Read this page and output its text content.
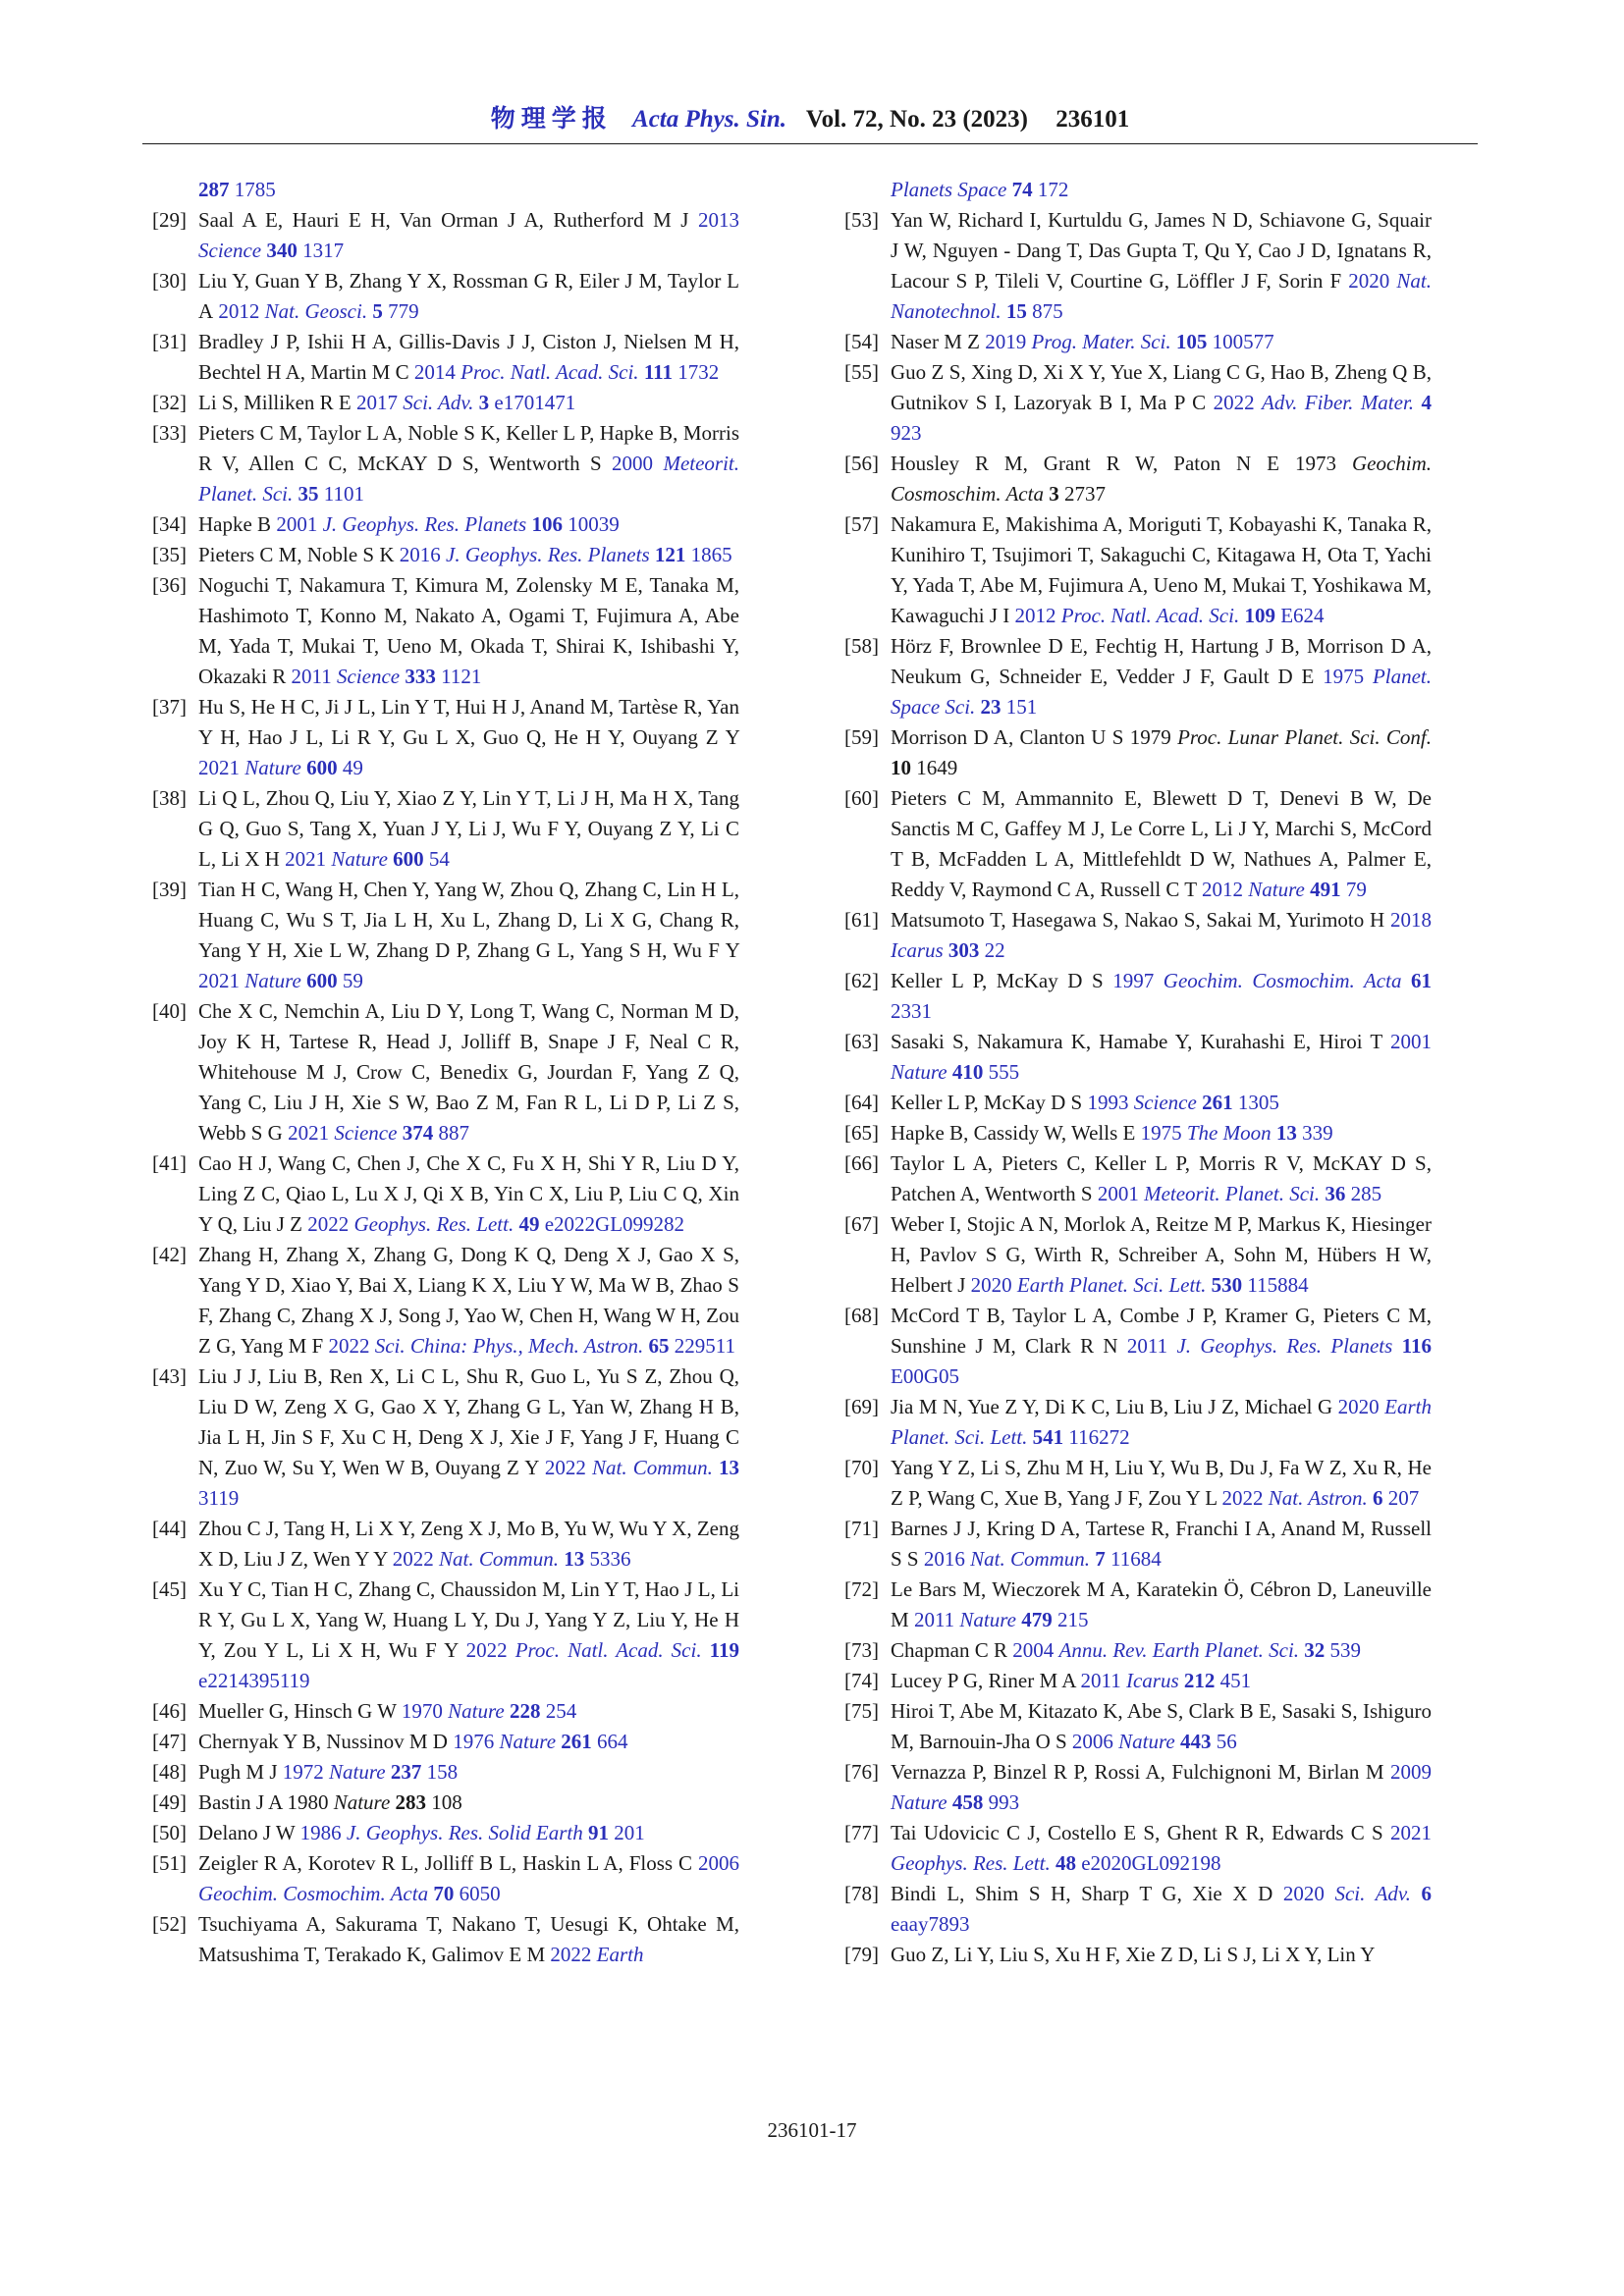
物理学报 Acta Phys. Sin. Vol. 72, No. 23 (2023) 236101
287 1785
[29] Saal A E, Hauri E H, Van Orman J A, Rutherford M J 2013 Science 340 1317
[30] Liu Y, Guan Y B, Zhang Y X, Rossman G R, Eiler J M, Taylor L A 2012 Nat. Geosci. 5 779
[31] Bradley J P, Ishii H A, Gillis-Davis J J, Ciston J, Nielsen M H, Bechtel H A, Martin M C 2014 Proc. Natl. Acad. Sci. 111 1732
[32] Li S, Milliken R E 2017 Sci. Adv. 3 e1701471
[33] Pieters C M, Taylor L A, Noble S K, Keller L P, Hapke B, Morris R V, Allen C C, McKAY D S, Wentworth S 2000 Meteorit. Planet. Sci. 35 1101
[34] Hapke B 2001 J. Geophys. Res. Planets 106 10039
[35] Pieters C M, Noble S K 2016 J. Geophys. Res. Planets 121 1865
[36] Noguchi T, Nakamura T, Kimura M, Zolensky M E, Tanaka M, Hashimoto T, Konno M, Nakato A, Ogami T, Fujimura A, Abe M, Yada T, Mukai T, Ueno M, Okada T, Shirai K, Ishibashi Y, Okazaki R 2011 Science 333 1121
[37] Hu S, He H C, Ji J L, Lin Y T, Hui H J, Anand M, Tartèse R, Yan Y H, Hao J L, Li R Y, Gu L X, Guo Q, He H Y, Ouyang Z Y 2021 Nature 600 49
[38] Li Q L, Zhou Q, Liu Y, Xiao Z Y, Lin Y T, Li J H, Ma H X, Tang G Q, Guo S, Tang X, Yuan J Y, Li J, Wu F Y, Ouyang Z Y, Li C L, Li X H 2021 Nature 600 54
[39] Tian H C, Wang H, Chen Y, Yang W, Zhou Q, Zhang C, Lin H L, Huang C, Wu S T, Jia L H, Xu L, Zhang D, Li X G, Chang R, Yang Y H, Xie L W, Zhang D P, Zhang G L, Yang S H, Wu F Y 2021 Nature 600 59
[40] Che X C, Nemchin A, Liu D Y, Long T, Wang C, Norman M D, Joy K H, Tartese R, Head J, Jolliff B, Snape J F, Neal C R, Whitehouse M J, Crow C, Benedix G, Jourdan F, Yang Z Q, Yang C, Liu J H, Xie S W, Bao Z M, Fan R L, Li D P, Li Z S, Webb S G 2021 Science 374 887
[41] Cao H J, Wang C, Chen J, Che X C, Fu X H, Shi Y R, Liu D Y, Ling Z C, Qiao L, Lu X J, Qi X B, Yin C X, Liu P, Liu C Q, Xin Y Q, Liu J Z 2022 Geophys. Res. Lett. 49 e2022GL099282
[42] Zhang H, Zhang X, Zhang G, Dong K Q, Deng X J, Gao X S, Yang Y D, Xiao Y, Bai X, Liang K X, Liu Y W, Ma W B, Zhao S F, Zhang C, Zhang X J, Song J, Yao W, Chen H, Wang W H, Zou Z G, Yang M F 2022 Sci. China: Phys., Mech. Astron. 65 229511
[43] Liu J J, Liu B, Ren X, Li C L, Shu R, Guo L, Yu S Z, Zhou Q, Liu D W, Zeng X G, Gao X Y, Zhang G L, Yan W, Zhang H B, Jia L H, Jin S F, Xu C H, Deng X J, Xie J F, Yang J F, Huang C N, Zuo W, Su Y, Wen W B, Ouyang Z Y 2022 Nat. Commun. 13 3119
[44] Zhou C J, Tang H, Li X Y, Zeng X J, Mo B, Yu W, Wu Y X, Zeng X D, Liu J Z, Wen Y Y 2022 Nat. Commun. 13 5336
[45] Xu Y C, Tian H C, Zhang C, Chaussidon M, Lin Y T, Hao J L, Li R Y, Gu L X, Yang W, Huang L Y, Du J, Yang Y Z, Liu Y, He H Y, Zou Y L, Li X H, Wu F Y 2022 Proc. Natl. Acad. Sci. 119 e2214395119
[46] Mueller G, Hinsch G W 1970 Nature 228 254
[47] Chernyak Y B, Nussinov M D 1976 Nature 261 664
[48] Pugh M J 1972 Nature 237 158
[49] Bastin J A 1980 Nature 283 108
[50] Delano J W 1986 J. Geophys. Res. Solid Earth 91 201
[51] Zeigler R A, Korotev R L, Jolliff B L, Haskin L A, Floss C 2006 Geochim. Cosmochim. Acta 70 6050
[52] Tsuchiyama A, Sakurama T, Nakano T, Uesugi K, Ohtake M, Matsushima T, Terakado K, Galimov E M 2022 Earth
Planets Space 74 172
[53] Yan W, Richard I, Kurtuldu G, James N D, Schiavone G, Squair J W, Nguyen - Dang T, Das Gupta T, Qu Y, Cao J D, Ignatans R, Lacour S P, Tileli V, Courtine G, Löffler J F, Sorin F 2020 Nat. Nanotechnol. 15 875
[54] Naser M Z 2019 Prog. Mater. Sci. 105 100577
[55] Guo Z S, Xing D, Xi X Y, Yue X, Liang C G, Hao B, Zheng Q B, Gutnikov S I, Lazoryak B I, Ma P C 2022 Adv. Fiber. Mater. 4 923
[56] Housley R M, Grant R W, Paton N E 1973 Geochim. Cosmoschim. Acta 3 2737
[57] Nakamura E, Makishima A, Moriguti T, Kobayashi K, Tanaka R, Kunihiro T, Tsujimori T, Sakaguchi C, Kitagawa H, Ota T, Yachi Y, Yada T, Abe M, Fujimura A, Ueno M, Mukai T, Yoshikawa M, Kawaguchi J I 2012 Proc. Natl. Acad. Sci. 109 E624
[58] Hörz F, Brownlee D E, Fechtig H, Hartung J B, Morrison D A, Neukum G, Schneider E, Vedder J F, Gault D E 1975 Planet. Space Sci. 23 151
[59] Morrison D A, Clanton U S 1979 Proc. Lunar Planet. Sci. Conf. 10 1649
[60] Pieters C M, Ammannito E, Blewett D T, Denevi B W, De Sanctis M C, Gaffey M J, Le Corre L, Li J Y, Marchi S, McCord T B, McFadden L A, Mittlefehldt D W, Nathues A, Palmer E, Reddy V, Raymond C A, Russell C T 2012 Nature 491 79
[61] Matsumoto T, Hasegawa S, Nakao S, Sakai M, Yurimoto H 2018 Icarus 303 22
[62] Keller L P, McKay D S 1997 Geochim. Cosmochim. Acta 61 2331
[63] Sasaki S, Nakamura K, Hamabe Y, Kurahashi E, Hiroi T 2001 Nature 410 555
[64] Keller L P, McKay D S 1993 Science 261 1305
[65] Hapke B, Cassidy W, Wells E 1975 The Moon 13 339
[66] Taylor L A, Pieters C, Keller L P, Morris R V, McKAY D S, Patchen A, Wentworth S 2001 Meteorit. Planet. Sci. 36 285
[67] Weber I, Stojic A N, Morlok A, Reitze M P, Markus K, Hiesinger H, Pavlov S G, Wirth R, Schreiber A, Sohn M, Hübers H W, Helbert J 2020 Earth Planet. Sci. Lett. 530 115884
[68] McCord T B, Taylor L A, Combe J P, Kramer G, Pieters C M, Sunshine J M, Clark R N 2011 J. Geophys. Res. Planets 116 E00G05
[69] Jia M N, Yue Z Y, Di K C, Liu B, Liu J Z, Michael G 2020 Earth Planet. Sci. Lett. 541 116272
[70] Yang Y Z, Li S, Zhu M H, Liu Y, Wu B, Du J, Fa W Z, Xu R, He Z P, Wang C, Xue B, Yang J F, Zou Y L 2022 Nat. Astron. 6 207
[71] Barnes J J, Kring D A, Tartese R, Franchi I A, Anand M, Russell S S 2016 Nat. Commun. 7 11684
[72] Le Bars M, Wieczorek M A, Karatekin Ö, Cébron D, Laneuville M 2011 Nature 479 215
[73] Chapman C R 2004 Annu. Rev. Earth Planet. Sci. 32 539
[74] Lucey P G, Riner M A 2011 Icarus 212 451
[75] Hiroi T, Abe M, Kitazato K, Abe S, Clark B E, Sasaki S, Ishiguro M, Barnouin-Jha O S 2006 Nature 443 56
[76] Vernazza P, Binzel R P, Rossi A, Fulchignoni M, Birlan M 2009 Nature 458 993
[77] Tai Udovicic C J, Costello E S, Ghent R R, Edwards C S 2021 Geophys. Res. Lett. 48 e2020GL092198
[78] Bindi L, Shim S H, Sharp T G, Xie X D 2020 Sci. Adv. 6 eaay7893
[79] Guo Z, Li Y, Liu S, Xu H F, Xie Z D, Li S J, Li X Y, Lin Y
236101-17
